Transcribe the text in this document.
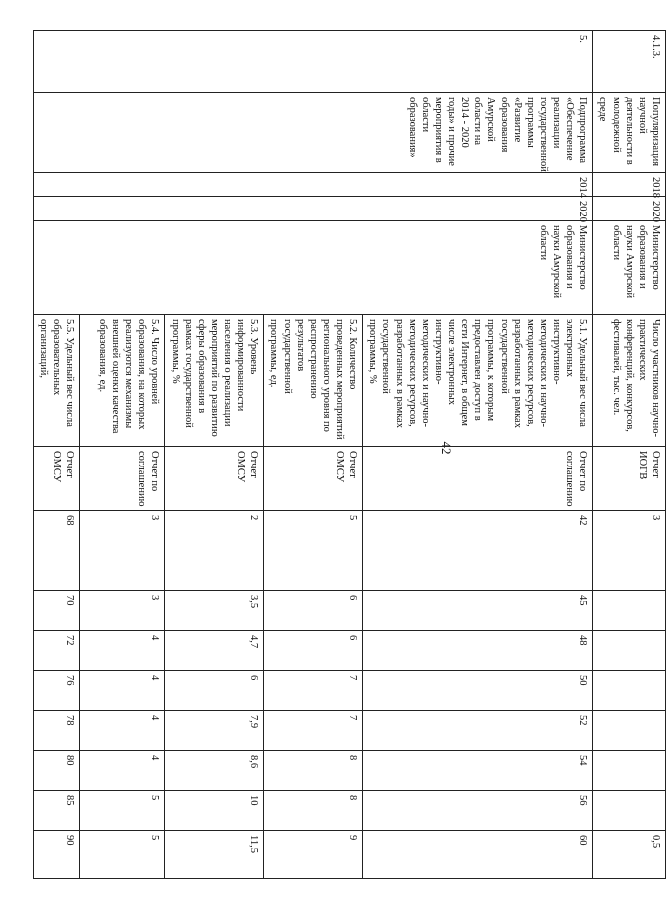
42
4.1.3.	Популяризация научной деятельности в молодежной среде	2018	2020	Министерство образования и науки Амурской области	Число участников научно-практических конференций, конкурсов, фестивалей, тыс. чел.	Отчет ИОГВ	3							0,5
5.	Подпрограмма «Обеспечение реализации государственной программы «Развитие образования Амурской области на 2014 - 2020 годы» и прочие мероприятия в области образования»	2014	2020	Министерство образования и науки Амурской области	5.1. Удельный вес числа электронных инструктивно-методических и научно-методических ресурсов, разработанных в рамках государственной программы, к которым предоставлен доступ в сети Интернет, в общем числе электронных инструктивно-методических и научно-методических ресурсов, разработанных в рамках государственной программы, %	Отчет по соглашению	42	45	48	50	52	54	56	60
					5.2. Количество проведенных мероприятий регионального уровня по распространению результатов государственной программы, ед.	Отчет ОМСУ	5	6	6	7	7	8	8	9
					5.3. Уровень информированности населения о реализации мероприятий по развитию сферы образования в рамках государственной программы, %	Отчет ОМСУ	2	3,5	4,7	6	7,9	8,6	10	11,5
					5.4. Число уровней образования, на которых реализуются механизмы внешней оценки качества образования, ед.	Отчет по соглашению	3	3	4	4	4	4	5	5
					5.5. Удельный вес числа образовательных организаций,	Отчет ОМСУ	68	70	72	76	78	80	85	90
